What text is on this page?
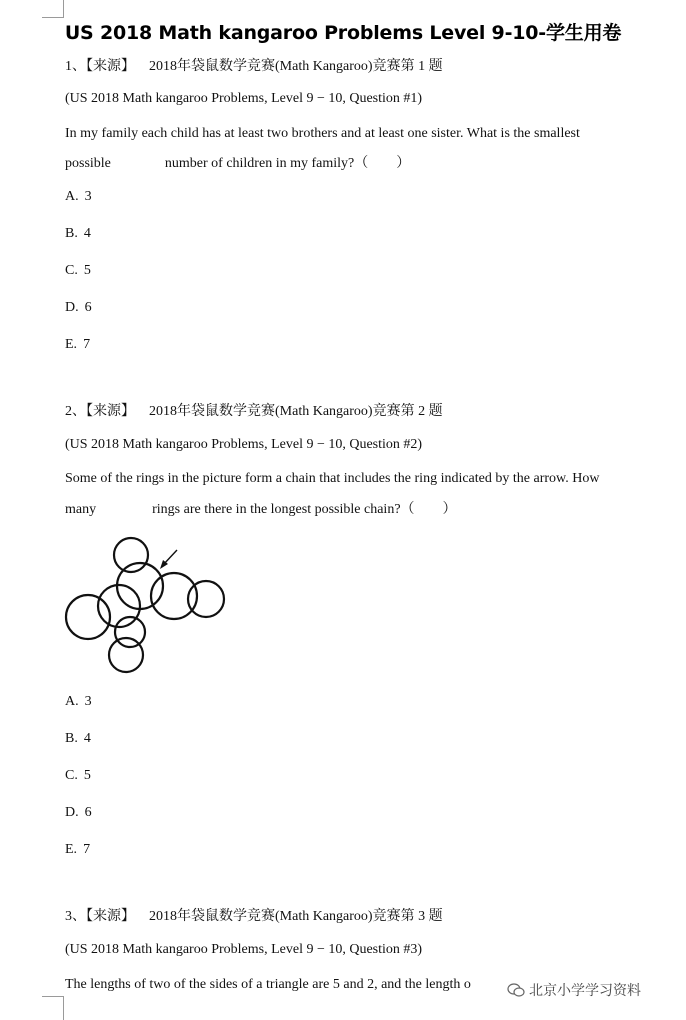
US 2018 Math kangaroo Problems Level 9-10-学生用卷
1、【来源】 2018年袋鼠数学竞赛(Math Kangaroo)竞赛第 1 题
(US 2018 Math kangaroo Problems, Level 9 − 10, Question #1)
In my family each child has at least two brothers and at least one sister. What is the smallest
possible	number of children in my family?（　　）
A. 3
B. 4
C. 5
D. 6
E. 7
2、【来源】 2018年袋鼠数学竞赛(Math Kangaroo)竞赛第 2 题
(US 2018 Math kangaroo Problems, Level 9 − 10, Question #2)
Some of the rings in the picture form a chain that includes the ring indicated by the arrow. How
many	rings are there in the longest possible chain?（　　）
A. 3
B. 4
C. 5
D. 6
E. 7
3、【来源】 2018年袋鼠数学竞赛(Math Kangaroo)竞赛第 3 题
(US 2018 Math kangaroo Problems, Level 9 − 10, Question #3)
The lengths of two of the sides of a triangle are 5 and 2, and the length o	北京小学学习资料
